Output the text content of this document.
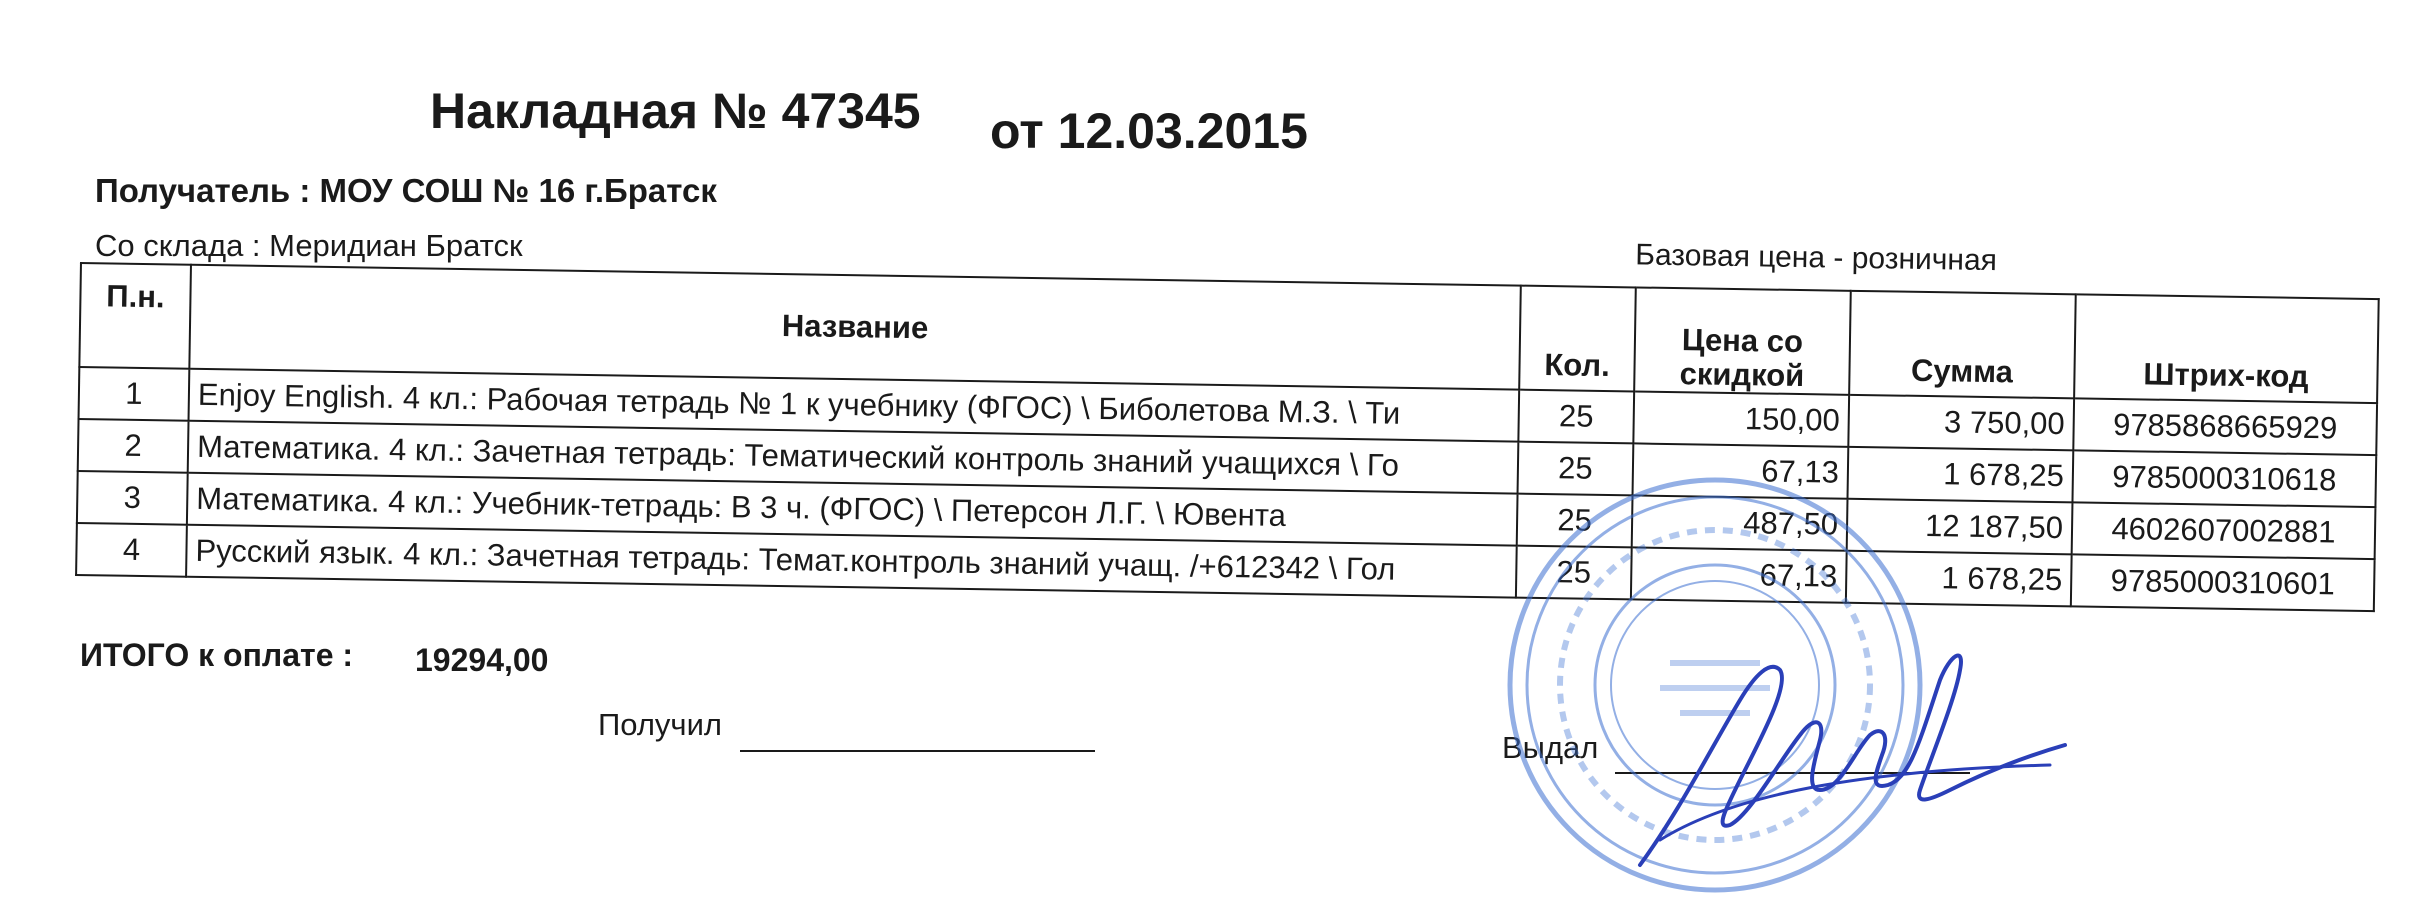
Накладная № 47345 от 12.03.2015
Получатель : МОУ СОШ № 16 г.Братск
Со склада : Меридиан Братск	Базовая цена - розничная
П.н.	Название	Кол.	Цена со скидкой	Сумма	Штрих-код
1	Enjoy English. 4 кл.: Рабочая тетрадь № 1 к учебнику (ФГОС) \ Биболетова М.З. \ Ти	25	150,00	3 750,00	9785868665929
2	Математика. 4 кл.: Зачетная тетрадь: Тематический контроль знаний учащихся \ Го	25	67,13	1 678,25	9785000310618
3	Математика. 4 кл.: Учебник-тетрадь: В 3 ч. (ФГОС) \ Петерсон Л.Г. \ Ювента	25	487,50	12 187,50	4602607002881
4	Русский язык. 4 кл.: Зачетная тетрадь: Темат.контроль знаний учащ. /+612342 \ Гол	25	67,13	1 678,25	9785000310601
ИТОГО к оплате : 19294,00
Получил
Выдал
